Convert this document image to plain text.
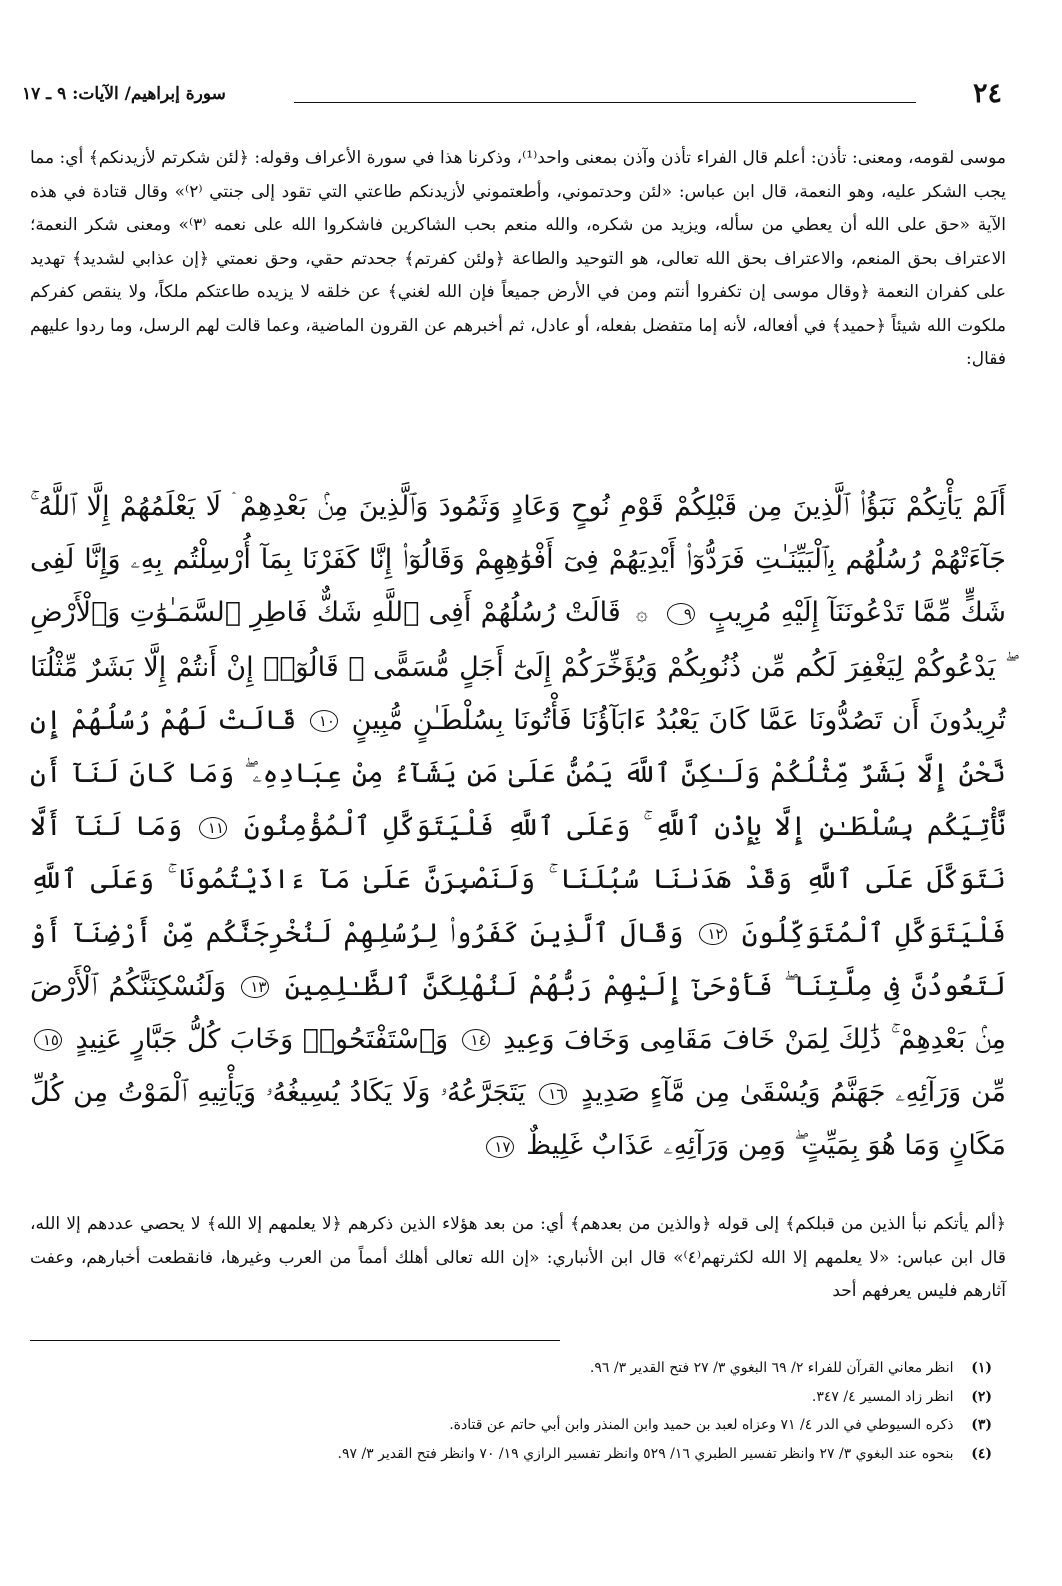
٢٤
سورة إبراهيم/ الآيات: ٩ ـ ١٧

موسى لقومه، ومعنى: تأذن: أعلم قال الفراء تأذن وآذن بمعنى واحد⁽¹⁾، وذكرنا هذا في سورة الأعراف وقوله: ﴿لئن شكرتم لأزيدنكم﴾ أي: مما يجب الشكر عليه، وهو النعمة، قال ابن عباس: «لئن وحدتموني، وأطعتموني لأزيدنكم طاعتي التي تقود إلى جنتي ⁽٢⁾» وقال قتادة في هذه الآية «حق على الله أن يعطي من سأله، ويزيد من شكره، والله منعم بحب الشاكرين فاشكروا الله على نعمه ⁽٣⁾» ومعنى شكر النعمة؛ الاعتراف بحق المنعم، والاعتراف بحق الله تعالى، هو التوحيد والطاعة ﴿ولئن كفرتم﴾ جحدتم حقي، وحق نعمتي ﴿إن عذابي لشديد﴾ تهديد على كفران النعمة ﴿وقال موسى إن تكفروا أنتم ومن في الأرض جميعاً فإن الله لغني﴾ عن خلقه لا يزيده طاعتكم ملكاً، ولا ينقص كفركم ملكوت الله شيئاً ﴿حميد﴾ في أفعاله، لأنه إما متفضل بفعله، أو عادل، ثم أخبرهم عن القرون الماضية، وعما قالت لهم الرسل، وما ردوا عليهم فقال:

أَلَمْ يَأْتِكُمْ نَبَؤُا۟ ٱلَّذِينَ مِن قَبْلِكُمْ قَوْمِ نُوحٍ وَعَادٍ وَثَمُودَ وَٱلَّذِينَ مِنۢ بَعْدِهِمْ ۛ لَا يَعْلَمُهُمْ إِلَّا ٱللَّهُ ۚ جَآءَتْهُمْ رُسُلُهُم بِٱلْبَيِّنَـٰتِ فَرَدُّوٓا۟ أَيْدِيَهُمْ فِىٓ أَفْوَٰهِهِمْ وَقَالُوٓا۟ إِنَّا كَفَرْنَا بِمَآ أُرْسِلْتُم بِهِۦ وَإِنَّا لَفِى شَكٍّ مِّمَّا تَدْعُونَنَآ إِلَيْهِ مُرِيبٍ ٩ ۞ قَالَتْ رُسُلُهُمْ أَفِى ٱللَّهِ شَكٌّ فَاطِرِ ٱلسَّمَـٰوَٰتِ وَٱلْأَرْضِ ۖ يَدْعُوكُمْ لِيَغْفِرَ لَكُم مِّن ذُنُوبِكُمْ وَيُؤَخِّرَكُمْ إِلَىٰٓ أَجَلٍ مُّسَمًّى ۚ قَالُوٓا۟ إِنْ أَنتُمْ إِلَّا بَشَرٌ مِّثْلُنَا تُرِيدُونَ أَن تَصُدُّونَا عَمَّا كَانَ يَعْبُدُ ءَابَآؤُنَا فَأْتُونَا بِسُلْطَـٰنٍ مُّبِينٍ ١٠ قَالَتْ لَهُمْ رُسُلُهُمْ إِن نَّحْنُ إِلَّا بَشَرٌ مِّثْلُكُمْ وَلَـٰكِنَّ ٱللَّهَ يَمُنُّ عَلَىٰ مَن يَشَآءُ مِنْ عِبَادِهِۦ ۖ وَمَا كَانَ لَنَآ أَن نَّأْتِيَكُم بِسُلْطَـٰنٍ إِلَّا بِإِذْنِ ٱللَّهِ ۚ وَعَلَى ٱللَّهِ فَلْيَتَوَكَّلِ ٱلْمُؤْمِنُونَ ١١ وَمَا لَنَآ أَلَّا نَتَوَكَّلَ عَلَى ٱللَّهِ وَقَدْ هَدَىٰنَا سُبُلَنَا ۚ وَلَنَصْبِرَنَّ عَلَىٰ مَآ ءَاذَيْتُمُونَا ۚ وَعَلَى ٱللَّهِ فَلْيَتَوَكَّلِ ٱلْمُتَوَكِّلُونَ ١٢ وَقَالَ ٱلَّذِينَ كَفَرُوا۟ لِرُسُلِهِمْ لَنُخْرِجَنَّكُم مِّنْ أَرْضِنَآ أَوْ لَتَعُودُنَّ فِى مِلَّتِنَا ۖ فَأَوْحَىٰٓ إِلَيْهِمْ رَبُّهُمْ لَنُهْلِكَنَّ ٱلظَّـٰلِمِينَ ١٣ وَلَنُسْكِنَنَّكُمُ ٱلْأَرْضَ مِنۢ بَعْدِهِمْ ۚ ذَٰلِكَ لِمَنْ خَافَ مَقَامِى وَخَافَ وَعِيدِ ١٤ وَٱسْتَفْتَحُوا۟ وَخَابَ كُلُّ جَبَّارٍ عَنِيدٍ ١٥ مِّن وَرَآئِهِۦ جَهَنَّمُ وَيُسْقَىٰ مِن مَّآءٍ صَدِيدٍ ١٦ يَتَجَرَّعُهُۥ وَلَا يَكَادُ يُسِيغُهُۥ وَيَأْتِيهِ ٱلْمَوْتُ مِن كُلِّ مَكَانٍ وَمَا هُوَ بِمَيِّتٍ ۖ وَمِن وَرَآئِهِۦ عَذَابٌ غَلِيظٌ ١٧

﴿ألم يأتكم نبأ الذين من قبلكم﴾ إلى قوله ﴿والذين من بعدهم﴾ أي: من بعد هؤلاء الذين ذكرهم ﴿لا يعلمهم إلا الله﴾ لا يحصي عددهم إلا الله، قال ابن عباس: «لا يعلمهم إلا الله لكثرتهم⁽٤⁾» قال ابن الأنباري: «إن الله تعالى أهلك أمماً من العرب وغيرها، فانقطعت أخبارهم، وعفت آثارهم فليس يعرفهم أحد

(١) انظر معاني القرآن للفراء ٢/ ٦٩ البغوي ٣/ ٢٧ فتح القدير ٣/ ٩٦.
(٢) انظر زاد المسير ٤/ ٣٤٧.
(٣) ذكره السيوطي في الدر ٤/ ٧١ وعزاه لعبد بن حميد وابن المنذر وابن أبي حاتم عن قتادة.
(٤) بنحوه عند البغوي ٣/ ٢٧ وانظر تفسير الطبري ١٦/ ٥٢٩ وانظر تفسير الرازي ١٩/ ٧٠ وانظر فتح القدير ٣/ ٩٧.
